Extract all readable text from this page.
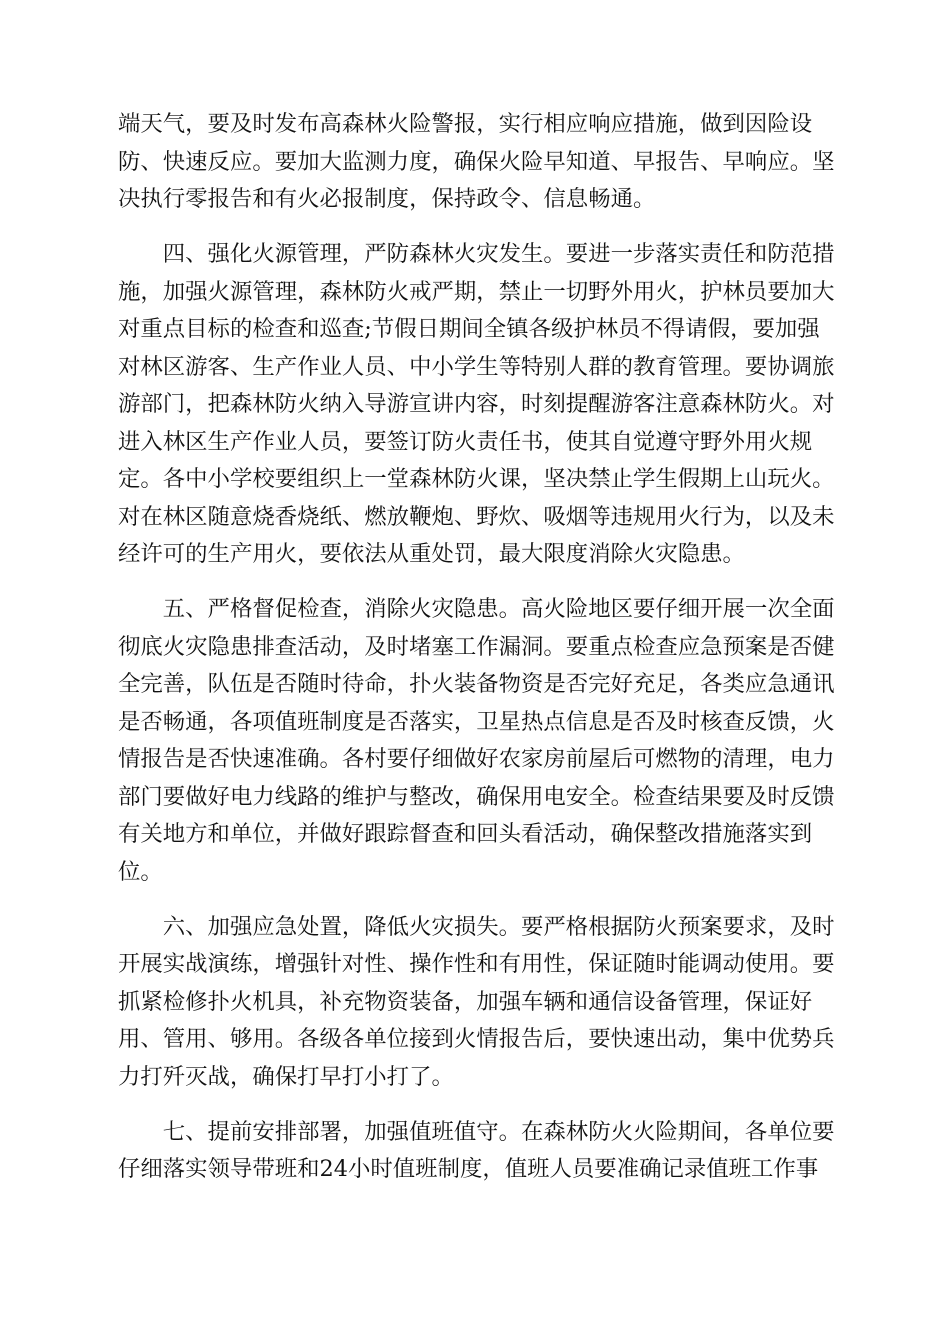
端天气，要及时发布高森林火险警报，实行相应响应措施，做到因险设
防、快速反应。要加大监测力度，确保火险早知道、早报告、早响应。坚
决执行零报告和有火必报制度，保持政令、信息畅通。
　　四、强化火源管理，严防森林火灾发生。要进一步落实责任和防范措
施，加强火源管理，森林防火戒严期，禁止一切野外用火，护林员要加大
对重点目标的检查和巡查;节假日期间全镇各级护林员不得请假，要加强
对林区游客、生产作业人员、中小学生等特别人群的教育管理。要协调旅
游部门，把森林防火纳入导游宣讲内容，时刻提醒游客注意森林防火。对
进入林区生产作业人员，要签订防火责任书，使其自觉遵守野外用火规
定。各中小学校要组织上一堂森林防火课，坚决禁止学生假期上山玩火。
对在林区随意烧香烧纸、燃放鞭炮、野炊、吸烟等违规用火行为，以及未
经许可的生产用火，要依法从重处罚，最大限度消除火灾隐患。
　　五、严格督促检查，消除火灾隐患。高火险地区要仔细开展一次全面
彻底火灾隐患排查活动，及时堵塞工作漏洞。要重点检查应急预案是否健
全完善，队伍是否随时待命，扑火装备物资是否完好充足，各类应急通讯
是否畅通，各项值班制度是否落实，卫星热点信息是否及时核查反馈，火
情报告是否快速准确。各村要仔细做好农家房前屋后可燃物的清理，电力
部门要做好电力线路的维护与整改，确保用电安全。检查结果要及时反馈
有关地方和单位，并做好跟踪督查和回头看活动，确保整改措施落实到
位。
　　六、加强应急处置，降低火灾损失。要严格根据防火预案要求，及时
开展实战演练，增强针对性、操作性和有用性，保证随时能调动使用。要
抓紧检修扑火机具，补充物资装备，加强车辆和通信设备管理，保证好
用、管用、够用。各级各单位接到火情报告后，要快速出动，集中优势兵
力打歼灭战，确保打早打小打了。
　　七、提前安排部署，加强值班值守。在森林防火火险期间，各单位要
仔细落实领导带班和24小时值班制度，值班人员要准确记录值班工作事
